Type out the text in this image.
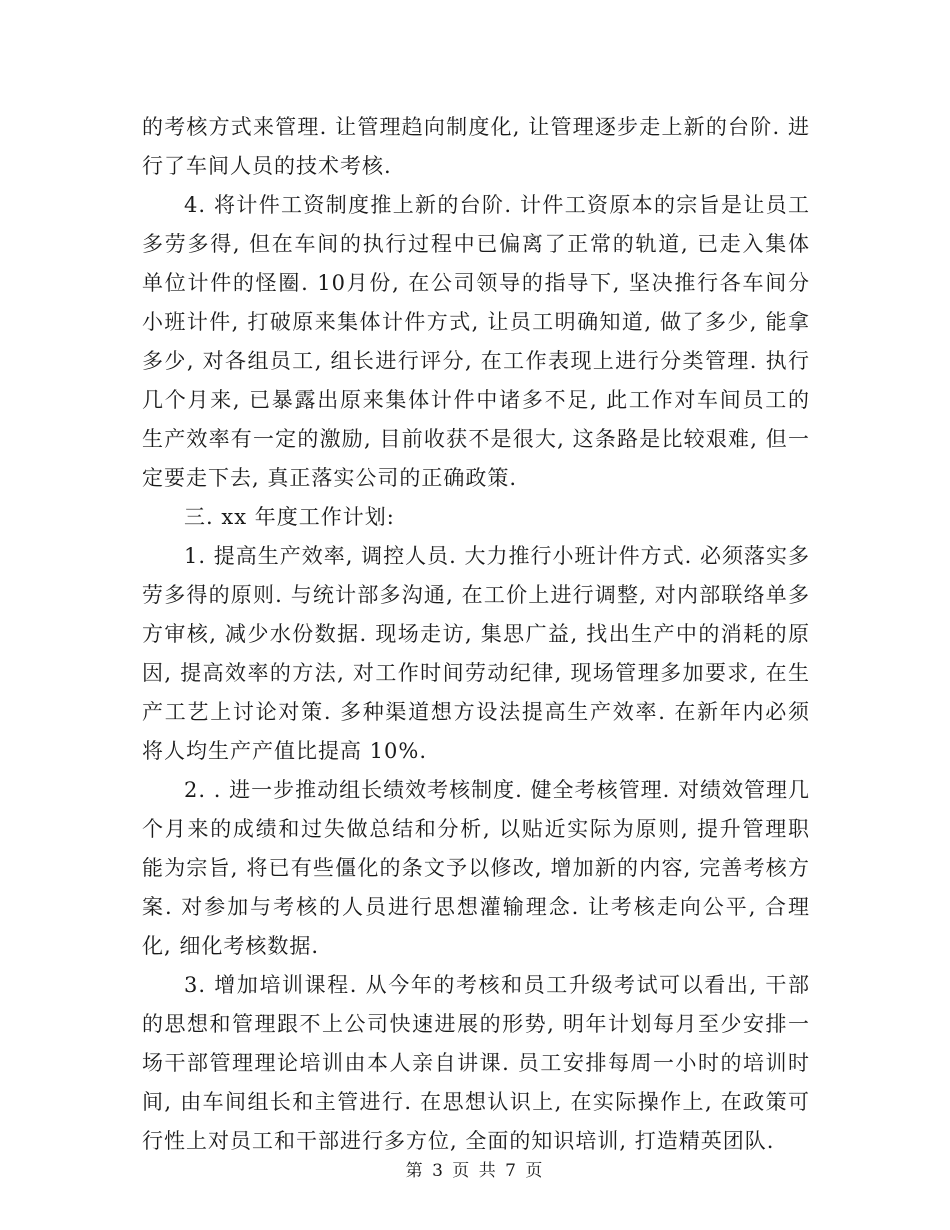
的考核方式来管理. 让管理趋向制度化, 让管理逐步走上新的台阶. 进行了车间人员的技术考核.

4. 将计件工资制度推上新的台阶. 计件工资原本的宗旨是让员工多劳多得, 但在车间的执行过程中已偏离了正常的轨道, 已走入集体单位计件的怪圈. 10月份, 在公司领导的指导下, 坚决推行各车间分小班计件, 打破原来集体计件方式, 让员工明确知道, 做了多少, 能拿多少, 对各组员工, 组长进行评分, 在工作表现上进行分类管理. 执行几个月来, 已暴露出原来集体计件中诸多不足, 此工作对车间员工的生产效率有一定的激励, 目前收获不是很大, 这条路是比较艰难, 但一定要走下去, 真正落实公司的正确政策.

三. xx 年度工作计划:

1. 提高生产效率, 调控人员. 大力推行小班计件方式. 必须落实多劳多得的原则. 与统计部多沟通, 在工价上进行调整, 对内部联络单多方审核, 减少水份数据. 现场走访, 集思广益, 找出生产中的消耗的原因, 提高效率的方法, 对工作时间劳动纪律, 现场管理多加要求, 在生产工艺上讨论对策. 多种渠道想方设法提高生产效率. 在新年内必须将人均生产产值比提高 10%.

2. . 进一步推动组长绩效考核制度. 健全考核管理. 对绩效管理几个月来的成绩和过失做总结和分析, 以贴近实际为原则, 提升管理职能为宗旨, 将已有些僵化的条文予以修改, 增加新的内容, 完善考核方案. 对参加与考核的人员进行思想灌输理念. 让考核走向公平, 合理化, 细化考核数据.

3. 增加培训课程. 从今年的考核和员工升级考试可以看出, 干部的思想和管理跟不上公司快速进展的形势, 明年计划每月至少安排一场干部管理理论培训由本人亲自讲课. 员工安排每周一小时的培训时间, 由车间组长和主管进行. 在思想认识上, 在实际操作上, 在政策可行性上对员工和干部进行多方位, 全面的知识培训, 打造精英团队.

第 3 页 共 7 页
